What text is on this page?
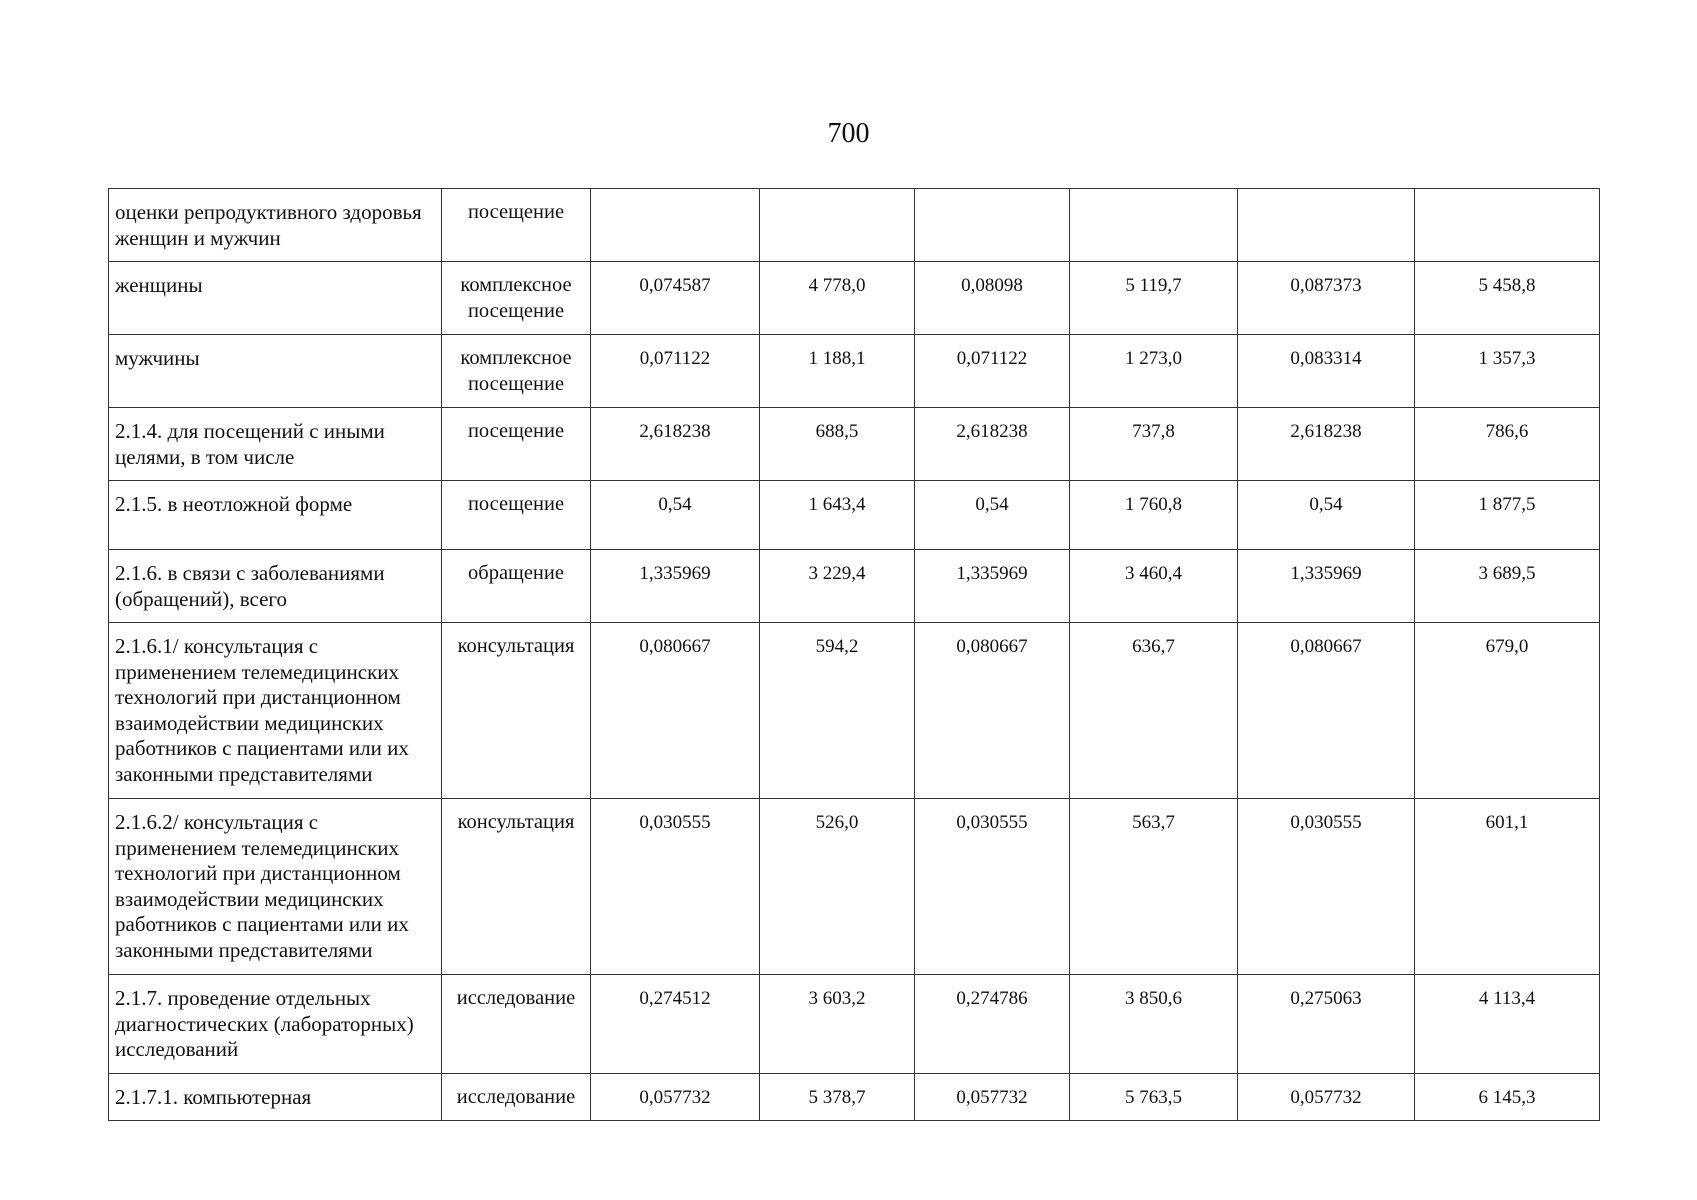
700
оценки репродуктивного здоровья женщин и мужчин	посещение						
женщины	комплексное посещение	0,074587	4 778,0	0,08098	5 119,7	0,087373	5 458,8
мужчины	комплексное посещение	0,071122	1 188,1	0,071122	1 273,0	0,083314	1 357,3
2.1.4. для посещений с иными целями, в том числе	посещение	2,618238	688,5	2,618238	737,8	2,618238	786,6
2.1.5. в неотложной форме	посещение	0,54	1 643,4	0,54	1 760,8	0,54	1 877,5
2.1.6. в связи с заболеваниями (обращений), всего	обращение	1,335969	3 229,4	1,335969	3 460,4	1,335969	3 689,5
2.1.6.1/ консультация с применением телемедицинских технологий при дистанционном взаимодействии медицинских работников с пациентами или их законными представителями	консультация	0,080667	594,2	0,080667	636,7	0,080667	679,0
2.1.6.2/ консультация с применением телемедицинских технологий при дистанционном взаимодействии медицинских работников с пациентами или их законными представителями	консультация	0,030555	526,0	0,030555	563,7	0,030555	601,1
2.1.7. проведение отдельных диагностических (лабораторных) исследований	исследование	0,274512	3 603,2	0,274786	3 850,6	0,275063	4 113,4
2.1.7.1. компьютерная	исследование	0,057732	5 378,7	0,057732	5 763,5	0,057732	6 145,3
